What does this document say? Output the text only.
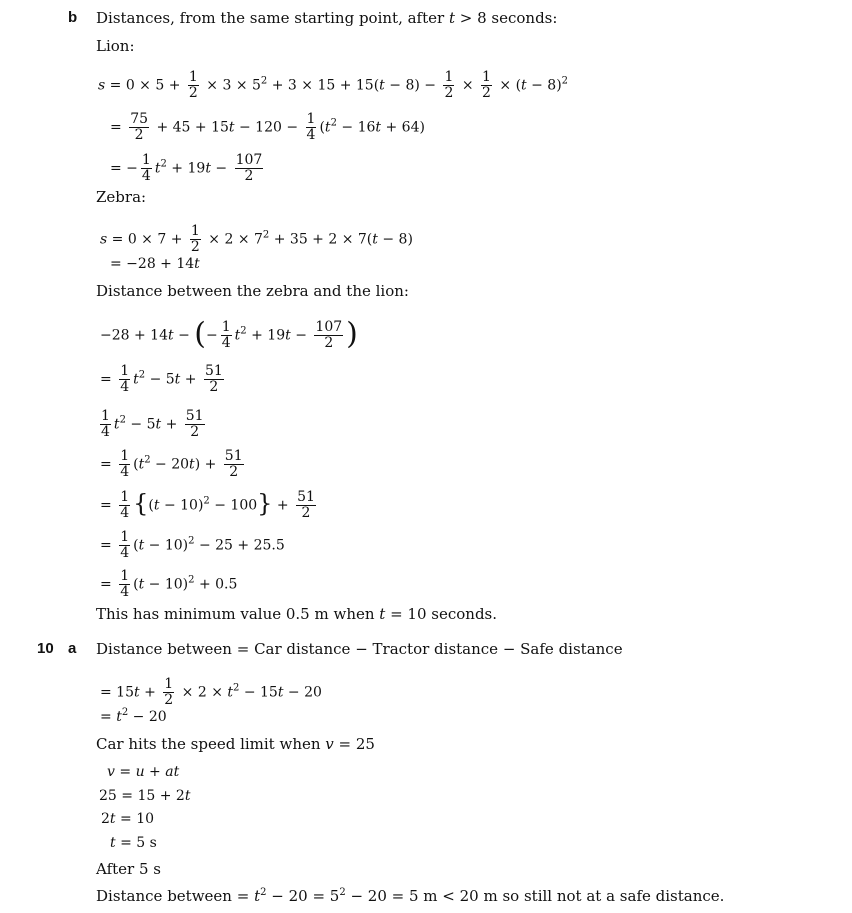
b Distances, from the same starting point, after t > 8 seconds:
Lion:
$s = 0 \times 5 + \frac{1}{2} \times 3 \times 5^2 + 3 \times 15 + 15(t - 8) - \frac{1}{2} \times \frac{1}{2} \times (t - 8)^2$
= $\frac{75}{2} + 45 + 15t - 120 - \frac{1}{4} (t^2 - 16t + 64)$
= − $\frac{1}{4} t^2 + 19t - \frac{107}{2}$
Zebra:
$s = 0 \times 7 + \frac{1}{2} \times 2 \times 7^2 + 35 + 2 \times 7(t - 8)$
= −28 + 14t
Distance between the zebra and the lion:
−28 + 14t − (− $\frac{1}{4} t^2 + 19t - \frac{107}{2}$ )
= $\frac{1}{4} t^2 - 5t + \frac{51}{2}$
$\frac{1}{4} t^2 - 5t + \frac{51}{2}$
= $\frac{1}{4} (t^2 - 20t) + \frac{51}{2}$
= $\frac{1}{4} \{(t - 10)^2 - 100\} + \frac{51}{2}$
= $\frac{1}{4} (t - 10)^2 - 25 + 25.5$
= $\frac{1}{4} (t - 10)^2 + 0.5$
This has minimum value 0.5 m when t = 10 seconds.
10 a Distance between = Car distance − Tractor distance − Safe distance
= $15t + \frac{1}{2} \times 2 \times t^2 - 15t - 20$
= $t^2 - 20$
Car hits the speed limit when v = 25
v = u + at
25 = 15 + 2t
2t = 10
t = 5 s
After 5 s
Distance between = $t^2 - 20 = 5^2 - 20 = 5$ m < 20 m so still not at a safe distance.
